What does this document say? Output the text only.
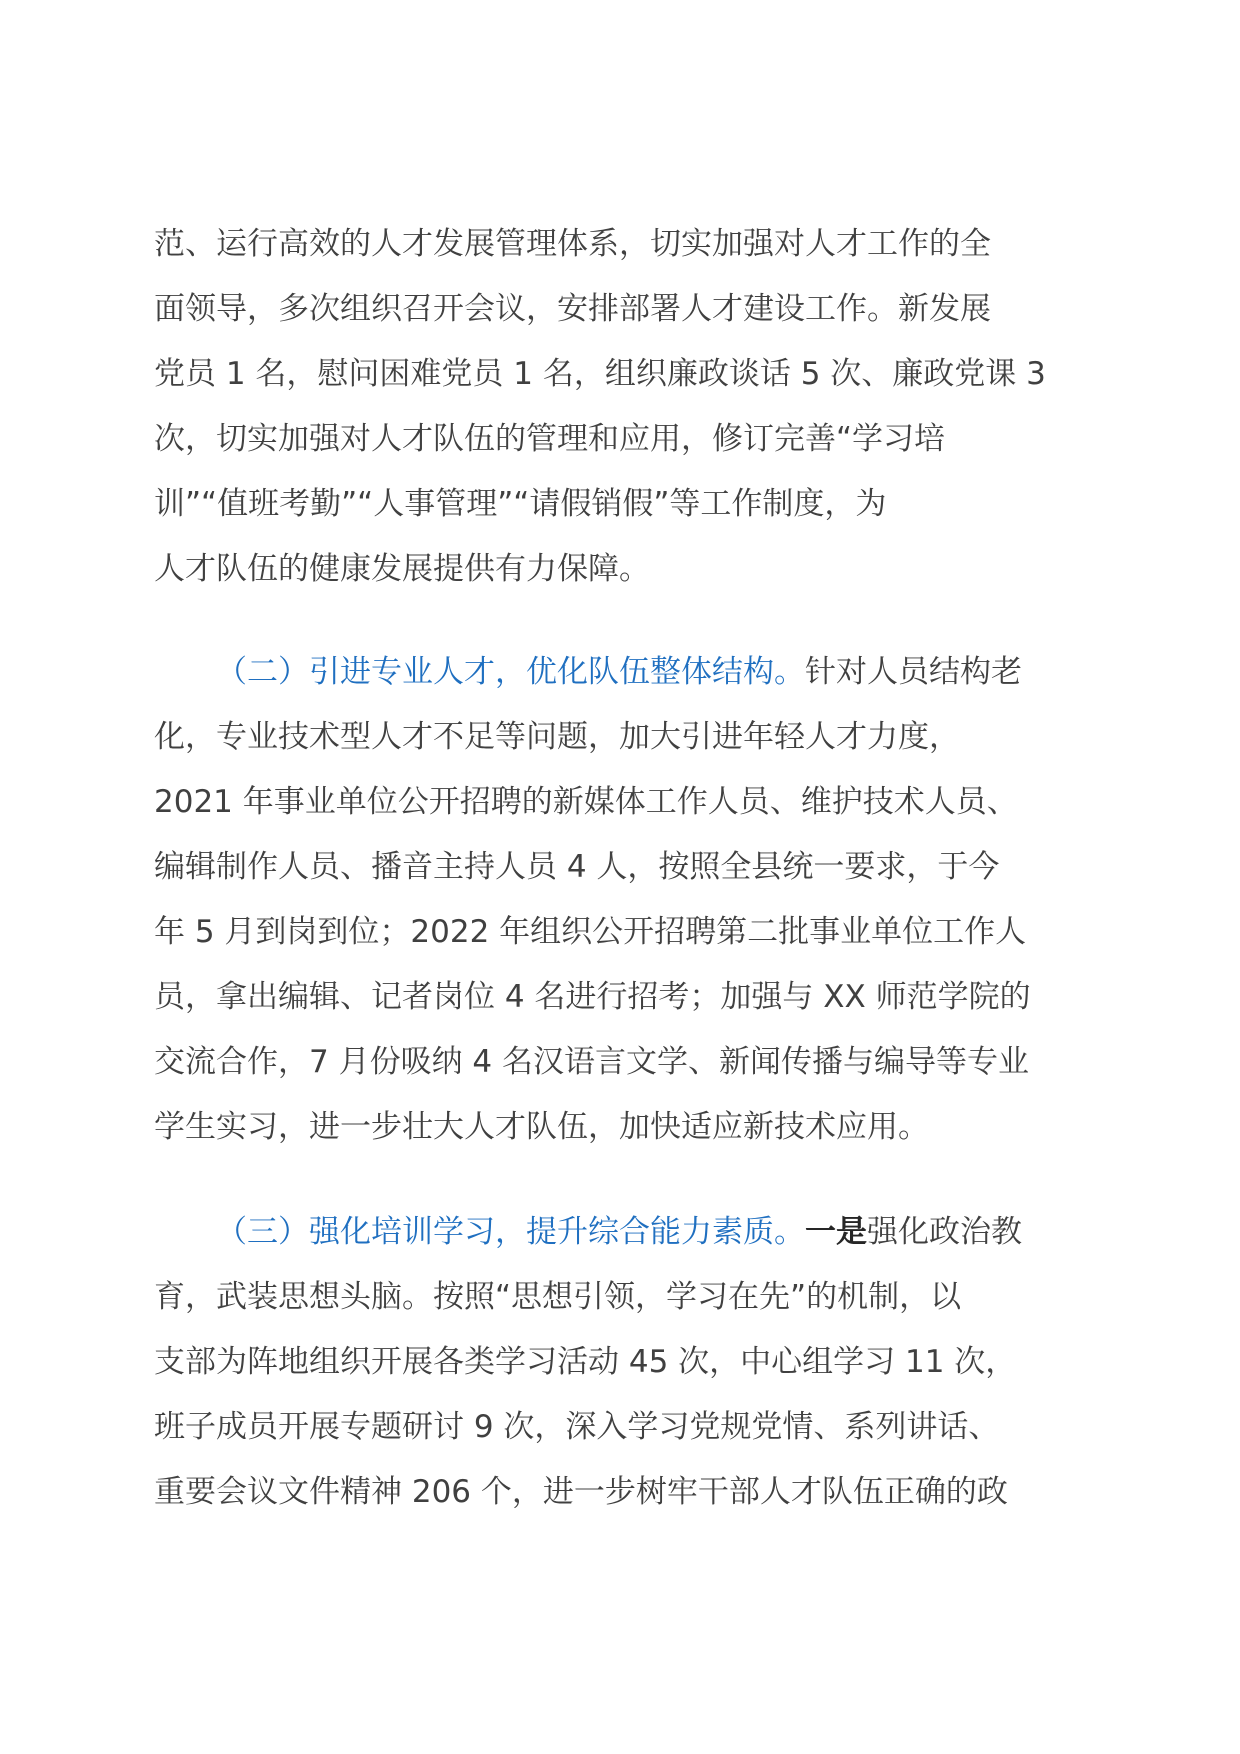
范、运行高效的人才发展管理体系，切实加强对人才工作的全
面领导，多次组织召开会议，安排部署人才建设工作。新发展
党员 1 名，慰问困难党员 1 名，组织廉政谈话 5 次、廉政党课 3
次，切实加强对人才队伍的管理和应用，修订完善“学习培
训”“值班考勤”“人事管理”“请假销假”等工作制度，为
人才队伍的健康发展提供有力保障。
（二）引进专业人才，优化队伍整体结构。针对人员结构老
化，专业技术型人才不足等问题，加大引进年轻人才力度，
2021 年事业单位公开招聘的新媒体工作人员、维护技术人员、
编辑制作人员、播音主持人员 4 人，按照全县统一要求，于今
年 5 月到岗到位；2022 年组织公开招聘第二批事业单位工作人
员，拿出编辑、记者岗位 4 名进行招考；加强与 XX 师范学院的
交流合作，7 月份吸纳 4 名汉语言文学、新闻传播与编导等专业
学生实习，进一步壮大人才队伍，加快适应新技术应用。
（三）强化培训学习，提升综合能力素质。一是强化政治教
育，武装思想头脑。按照“思想引领，学习在先”的机制，以
支部为阵地组织开展各类学习活动 45 次，中心组学习 11 次，
班子成员开展专题研讨 9 次，深入学习党规党情、系列讲话、
重要会议文件精神 206 个，进一步树牢干部人才队伍正确的政
